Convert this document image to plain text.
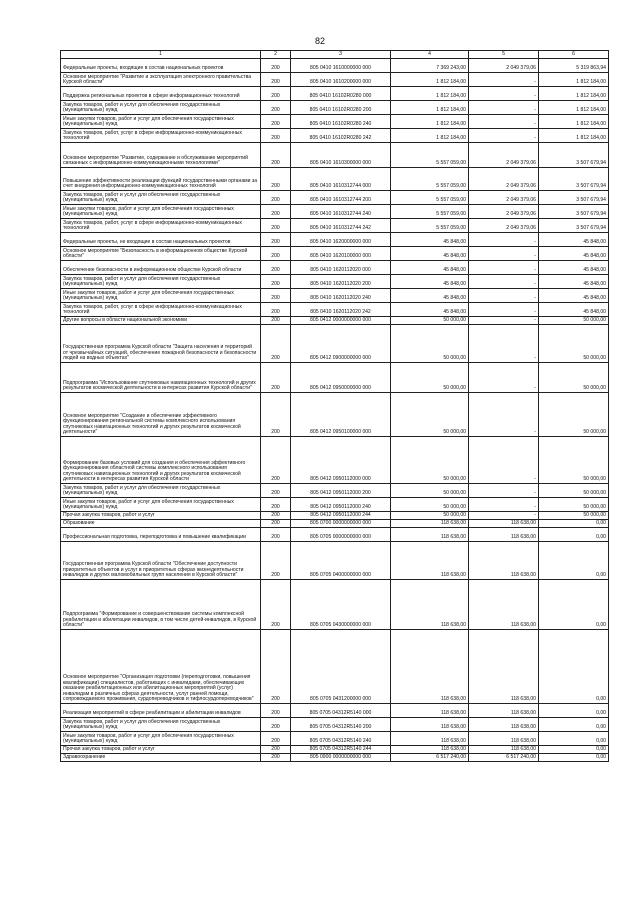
82
1	2	3	4	5	6
Федеральные проекты, входящие в состав национальных проектов	200	805 0410 1610000000 000	7 369 243,00	2 049 379,06	5 319 863,94
Основное мероприятие "Развитие и эксплуатация электронного правительства Курской области"	200	805 0410 1610200000 000	1 812 184,00	-	1 812 184,00
Поддержка региональных проектов в сфере информационных технологий	200	805 0410 16102R0280 000	1 812 184,00	-	1 812 184,00
Закупка товаров, работ и услуг для обеспечения государственных (муниципальных) нужд	200	805 0410 16102R0280 200	1 812 184,00	-	1 812 184,00
Иные закупки товаров, работ и услуг для обеспечения государственных (муниципальных) нужд	200	805 0410 16102R0280 240	1 812 184,00	-	1 812 184,00
Закупка товаров, работ, услуг в сфере информационно-коммуникационных технологий	200	805 0410 16102R0280 242	1 812 184,00	-	1 812 184,00
Основное мероприятие "Развитие, содержание и обслуживание мероприятий связанных с информационно-коммуникационными технологиями"	200	805 0410 1610300000 000	5 557 059,00	2 049 379,06	3 507 679,94
Повышение эффективности реализации функций государственными органами за счет внедрения информационно-коммуникационных технологий	200	805 0410 1610312744 000	5 557 059,00	2 049 379,06	3 507 679,94
Закупка товаров, работ и услуг для обеспечения государственных (муниципальных) нужд	200	805 0410 1610312744 200	5 557 059,00	2 049 379,06	3 507 679,94
Иные закупки товаров, работ и услуг для обеспечения государственных (муниципальных) нужд	200	805 0410 1610312744 240	5 557 059,00	2 049 379,06	3 507 679,94
Закупка товаров, работ, услуг в сфере информационно-коммуникационных технологий	200	805 0410 1610312744 242	5 557 059,00	2 049 379,06	3 507 679,94
Федеральные проекты, не входящие в состав национальных проектов	200	805 0410 1620000000 000	45 848,00	-	45 848,00
Основное мероприятие "Безопасность в информационном обществе Курской области"	200	805 0410 1620100000 000	45 848,00	-	45 848,00
Обеспечение безопасности в информационном обществе Курской области	200	805 0410 1620112020 000	45 848,00	-	45 848,00
Закупка товаров, работ и услуг для обеспечения государственных (муниципальных) нужд	200	805 0410 1620112020 200	45 848,00	-	45 848,00
Иные закупки товаров, работ и услуг для обеспечения государственных (муниципальных) нужд	200	805 0410 1620112020 240	45 848,00	-	45 848,00
Закупка товаров, работ, услуг в сфере информационно-коммуникационных технологий	200	805 0410 1620112020 242	45 848,00	-	45 848,00
Другие вопросы в области национальной экономики	200	805 0412 0000000000 000	50 000,00	-	50 000,00
Государственная программа Курской области "Защита населения и территорий от чрезвычайных ситуаций, обеспечение пожарной безопасности и безопасности людей на водных объектах"	200	805 0412 0900000000 000	50 000,00	-	50 000,00
Подпрограмма "Использование спутниковых навигационных технологий и других результатов космической деятельности в интересах развития Курской области"	200	805 0412 0950000000 000	50 000,00	-	50 000,00
Основное мероприятие "Создание и обеспечение эффективного функционирования региональной системы комплексного использования спутниковых навигационных технологий и других результатов космической деятельности"	200	805 0412 0950100000 000	50 000,00	-	50 000,00
Формирование базовых условий для создания и обеспечения эффективного функционирования областной системы комплексного использования спутниковых навигационных технологий и других результатов космической деятельности в интересах развития Курской области	200	805 0412 0950112000 000	50 000,00	-	50 000,00
Закупка товаров, работ и услуг для обеспечения государственных (муниципальных) нужд	200	805 0412 0950112000 200	50 000,00	-	50 000,00
Иные закупки товаров, работ и услуг для обеспечения государственных (муниципальных) нужд	200	805 0412 0950112000 240	50 000,00	-	50 000,00
Прочая закупка товаров, работ и услуг	200	805 0412 0950112000 244	50 000,00	-	50 000,00
Образование	200	805 0700 0000000000 000	118 638,00	118 638,00	0,00
Профессиональная подготовка, переподготовка и повышение квалификации	200	805 0705 0000000000 000	118 638,00	118 638,00	0,00
Государственная программа Курской области "Обеспечение доступности приоритетных объектов и услуг в приоритетных сферах жизнедеятельности инвалидов и других маломобильных групп населения в Курской области"	200	805 0705 0400000000 000	118 638,00	118 638,00	0,00
Подпрограмма "Формирование и совершенствование системы комплексной реабилитации и абилитации инвалидов, в том числе детей-инвалидов, в Курской области"	200	805 0705 0430000000 000	118 638,00	118 638,00	0,00
Основное мероприятие "Организация подготовки (переподготовки, повышения квалификации) специалистов, работающих с инвалидами, обеспечивающих оказание реабилитационных или абилитационных мероприятий (услуг) инвалидам в различных сферах деятельности, услуг ранней помощи, сопровождаемого проживания, сурдопереводчиков и тифлосурдопереводчиков"	200	805 0705 0431200000 000	118 638,00	118 638,00	0,00
Реализация мероприятий в сфере реабилитации и абилитации инвалидов	200	805 0705 04312R5140 000	118 638,00	118 638,00	0,00
Закупка товаров, работ и услуг для обеспечения государственных (муниципальных) нужд	200	805 0705 04312R5140 200	118 638,00	118 638,00	0,00
Иные закупки товаров, работ и услуг для обеспечения государственных (муниципальных) нужд	200	805 0705 04312R5140 240	118 638,00	118 638,00	0,00
Прочая закупка товаров, работ и услуг	200	805 0705 04312R5140 244	118 638,00	118 638,00	0,00
Здравоохранение	200	805 0900 0000000000 000	6 517 240,00	6 517 240,00	0,00
